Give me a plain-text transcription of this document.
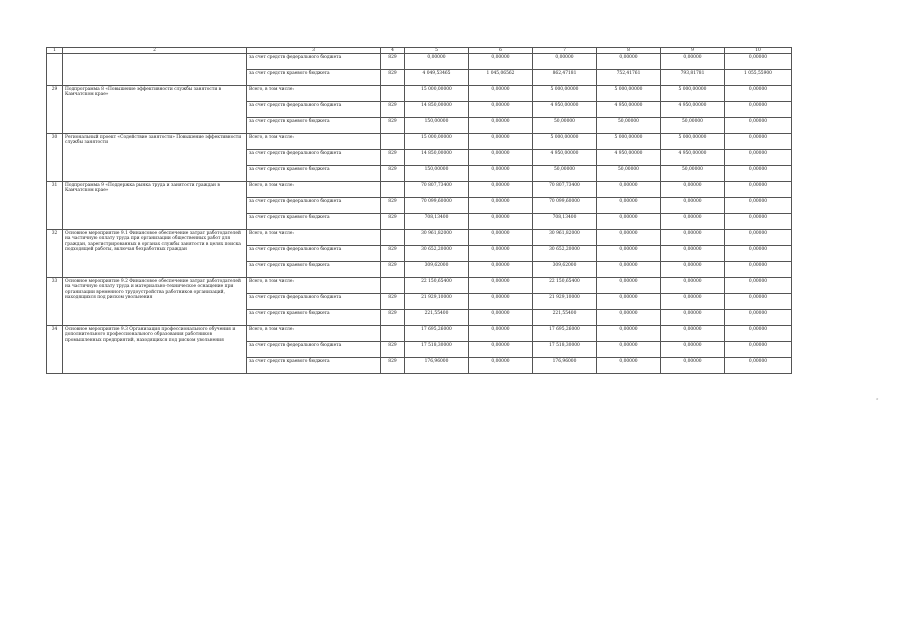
1	2	3	4	5	6	7	8	9	10
		за счет средств федерального бюджета	829	0,00000	0,00000	0,00000	0,00000	0,00000	0,00000
		за счет средств краевого бюджета	829	4 049,53465	1 045,06562	862,47181	752,41761	793,81781	1 055,55900
29	Подпрограмма 8 «Повышение эффективности службы занятости в Камчатском крае»	Всего, в том числе:		15 000,00000	0,00000	5 000,00000	5 000,00000	5 000,00000	0,00000
		за счет средств федерального бюджета	829	14 850,00000	0,00000	4 950,00000	4 950,00000	4 950,00000	0,00000
		за счет средств краевого бюджета	829	150,00000	0,00000	50,00000	50,00000	50,00000	0,00000
30	Региональный проект «Содействие занятости» Повышение эффективности службы занятости	Всего, в том числе:		15 000,00000	0,00000	5 000,00000	5 000,00000	5 000,00000	0,00000
		за счет средств федерального бюджета	829	14 850,00000	0,00000	4 950,00000	4 950,00000	4 950,00000	0,00000
		за счет средств краевого бюджета	829	150,00000	0,00000	50,00000	50,00000	50,00000	0,00000
31	Подпрограмма 9 «Поддержка рынка труда и занятости граждан в Камчатском крае»	Всего, в том числе:		70 807,73400	0,00000	70 807,73400	0,00000	0,00000	0,00000
		за счет средств федерального бюджета	829	70 099,60000	0,00000	70 099,60000	0,00000	0,00000	0,00000
		за счет средств краевого бюджета	829	708,13400	0,00000	708,13400	0,00000	0,00000	0,00000
32	Основное мероприятие 9.1 Финансовое обеспечение затрат работодателей на частичную оплату труда при организации общественных работ для граждан, зарегистрированных в органах службы занятости в целях поиска подходящей работы, включая безработных граждан	Всего, в том числе:		30 961,82000	0,00000	30 961,82000	0,00000	0,00000	0,00000
		за счет средств федерального бюджета	829	30 652,20000	0,00000	30 652,20000	0,00000	0,00000	0,00000
		за счет средств краевого бюджета	829	309,62000	0,00000	309,62000	0,00000	0,00000	0,00000
33	Основное мероприятие 9.2 Финансовое обеспечение затрат работодателей на частичную оплату труда и материально-техническое оснащение при организации временного трудоустройства работников организаций, находящихся под риском увольнения	Всего, в том числе:		22 150,65400	0,00000	22 150,65400	0,00000	0,00000	0,00000
		за счет средств федерального бюджета	829	21 929,10000	0,00000	21 929,10000	0,00000	0,00000	0,00000
		за счет средств краевого бюджета	829	221,55400	0,00000	221,55400	0,00000	0,00000	0,00000
34	Основное мероприятие 9.3 Организация профессионального обучения и дополнительного профессионального образования работников промышленных предприятий, находящихся под риском увольнения	Всего, в том числе:		17 695,26000	0,00000	17 695,26000	0,00000	0,00000	0,00000
		за счет средств федерального бюджета	829	17 518,30000	0,00000	17 518,30000	0,00000	0,00000	0,00000
		за счет средств краевого бюджета	829	176,96000	0,00000	176,96000	0,00000	0,00000	0,00000
»
